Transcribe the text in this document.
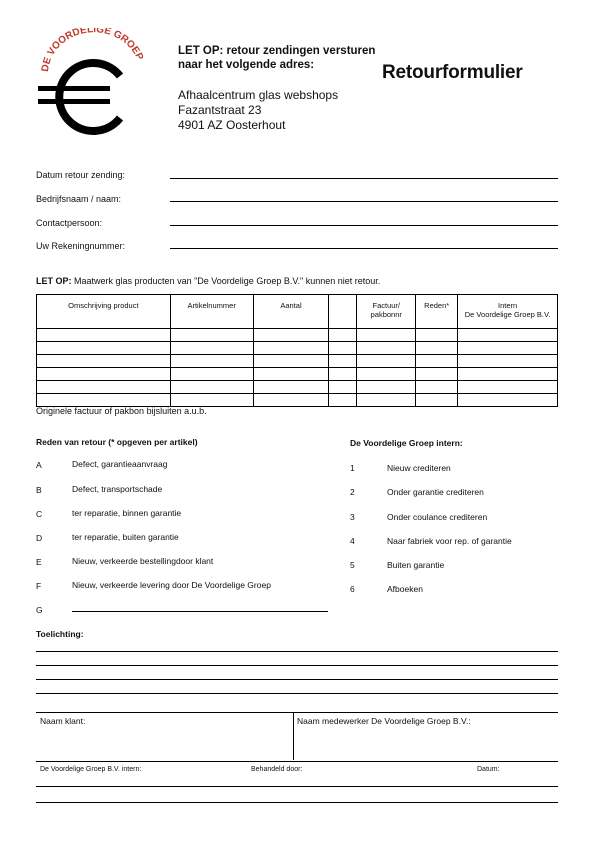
DE VOORDELIGE GROEP	LET OP: retour zendingen versturen
naar het volgende adres:
Afhaalcentrum glas webshops
Fazantstraat 23
4901 AZ Oosterhout
Retourformulier
Datum retour zending:
Bedrijfsnaam / naam:
Contactpersoon:
Uw Rekeningnummer:
LET OP: Maatwerk glas producten van "De Voordelige Groep B.V." kunnen niet retour.
Omschrijving product	Artikelnummer	Aantal		Factuur/
pakbonnr	Reden*	Intern
De Voordelige Groep B.V.

Originele factuur of pakbon bijsluiten a.u.b.
Reden van retour (* opgeven per artikel)
A	Defect, garantieaanvraag
B	Defect, transportschade
C	ter reparatie, binnen garantie
D	ter reparatie, buiten garantie
E	Nieuw, verkeerde bestellingdoor klant
F	Nieuw, verkeerde levering door De Voordelige Groep
G
De Voordelige Groep intern:
1	Nieuw crediteren
2	Onder garantie crediteren
3	Onder coulance crediteren
4	Naar fabriek voor rep. of garantie
5	Buiten garantie
6	Afboeken
Toelichting:
Naam klant:	Naam medewerker De Voordelige Groep B.V.:
De Voordelige Groep B.V. intern:	Behandeld door:	Datum:
